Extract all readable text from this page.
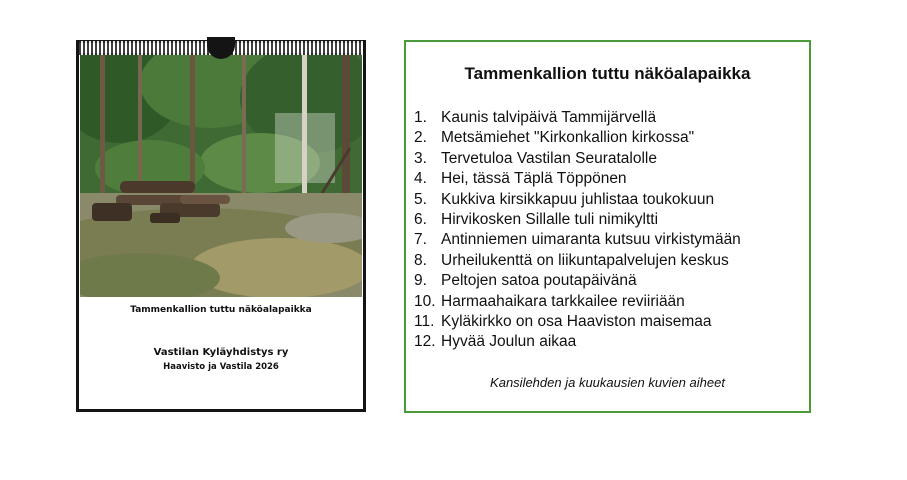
Tammenkallion tuttu näköalapaikka
Vastilan Kyläyhdistys ry
Haavisto ja Vastila 2026
Tammenkallion tuttu näköalapaikka
1. Kaunis talvipäivä Tammijärvellä
2. Metsämiehet "Kirkonkallion kirkossa"
3. Tervetuloa Vastilan Seuratalolle
4. Hei, tässä Täplä Töppönen
5. Kukkiva kirsikkapuu juhlistaa toukokuun
6. Hirvikosken Sillalle tuli nimikyltti
7. Antinniemen uimaranta kutsuu virkistymään
8. Urheilukenttä on liikuntapalvelujen keskus
9. Peltojen satoa poutapäivänä
10. Harmaahaikara tarkkailee reviiriään
11. Kyläkirkko on osa Haaviston maisemaa
12. Hyvää Joulun aikaa
Kansilehden ja kuukausien kuvien aiheet
